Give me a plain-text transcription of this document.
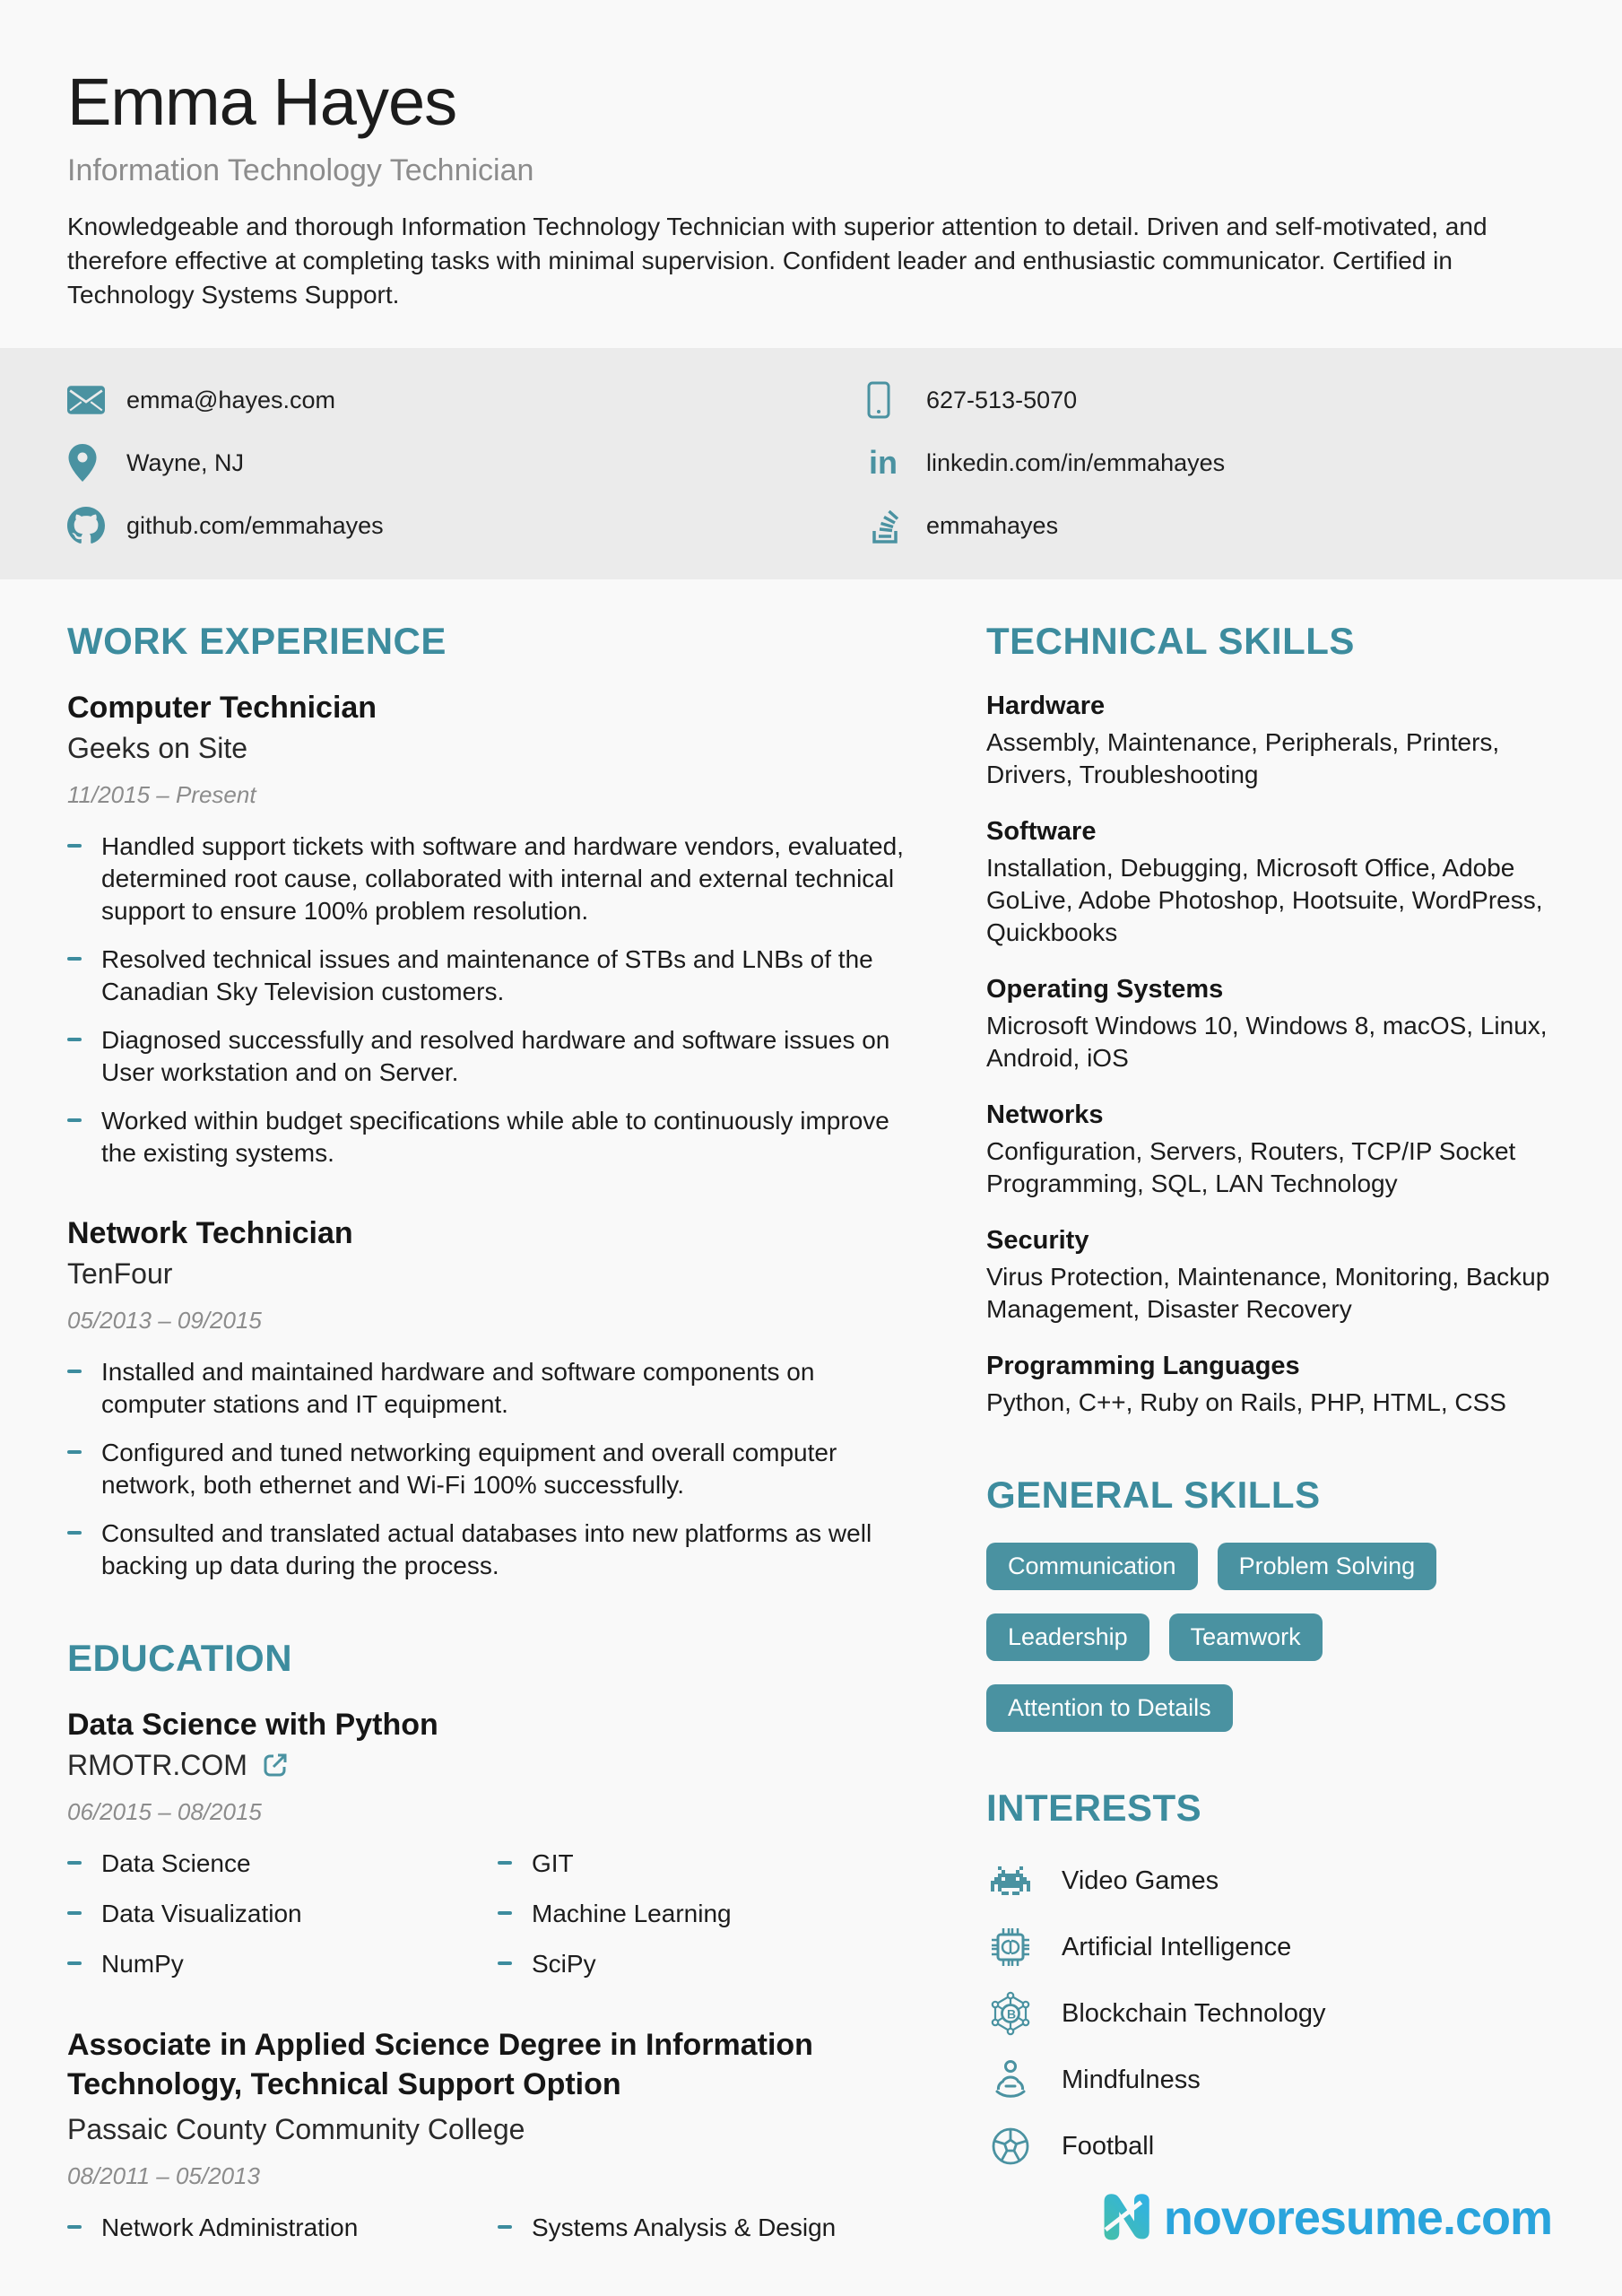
Emma Hayes
Information Technology Technician

Knowledgeable and thorough Information Technology Technician with superior attention to detail. Driven and self-motivated, and therefore effective at completing tasks with minimal supervision. Confident leader and enthusiastic communicator. Certified in Technology Systems Support.

emma@hayes.com
Wayne, NJ
github.com/emmahayes
627-513-5070
in linkedin.com/in/emmahayes
emmahayes
WORK EXPERIENCE
Computer Technician
Geeks on Site
11/2015 – Present
Handled support tickets with software and hardware vendors, evaluated, determined root cause, collaborated with internal and external technical support to ensure 100% problem resolution.
Resolved technical issues and maintenance of STBs and LNBs of the Canadian Sky Television customers.
Diagnosed successfully and resolved hardware and software issues on User workstation and on Server.
Worked within budget specifications while able to continuously improve the existing systems.
Network Technician
TenFour
05/2013 – 09/2015
Installed and maintained hardware and software components on computer stations and IT equipment.
Configured and tuned networking equipment and overall computer network, both ethernet and Wi-Fi 100% successfully.
Consulted and translated actual databases into new platforms as well backing up data during the process.
EDUCATION
Data Science with Python
RMOTR.COM
06/2015 – 08/2015
Data Science	GIT
Data Visualization	Machine Learning
NumPy	SciPy
Associate in Applied Science Degree in Information Technology, Technical Support Option
Passaic County Community College
08/2011 – 05/2013
Network Administration	Systems Analysis & Design
TECHNICAL SKILLS
Hardware
Assembly, Maintenance, Peripherals, Printers, Drivers, Troubleshooting
Software
Installation, Debugging, Microsoft Office, Adobe GoLive, Adobe Photoshop, Hootsuite, WordPress, Quickbooks
Operating Systems
Microsoft Windows 10, Windows 8, macOS, Linux, Android, iOS
Networks
Configuration, Servers, Routers, TCP/IP Socket Programming, SQL, LAN Technology
Security
Virus Protection, Maintenance, Monitoring, Backup Management, Disaster Recovery
Programming Languages
Python, C++, Ruby on Rails, PHP, HTML, CSS
GENERAL SKILLS
Communication	Problem Solving
Leadership	Teamwork
Attention to Details
INTERESTS
Video Games
Artificial Intelligence
B Blockchain Technology
Mindfulness
Football
novoresume.com
